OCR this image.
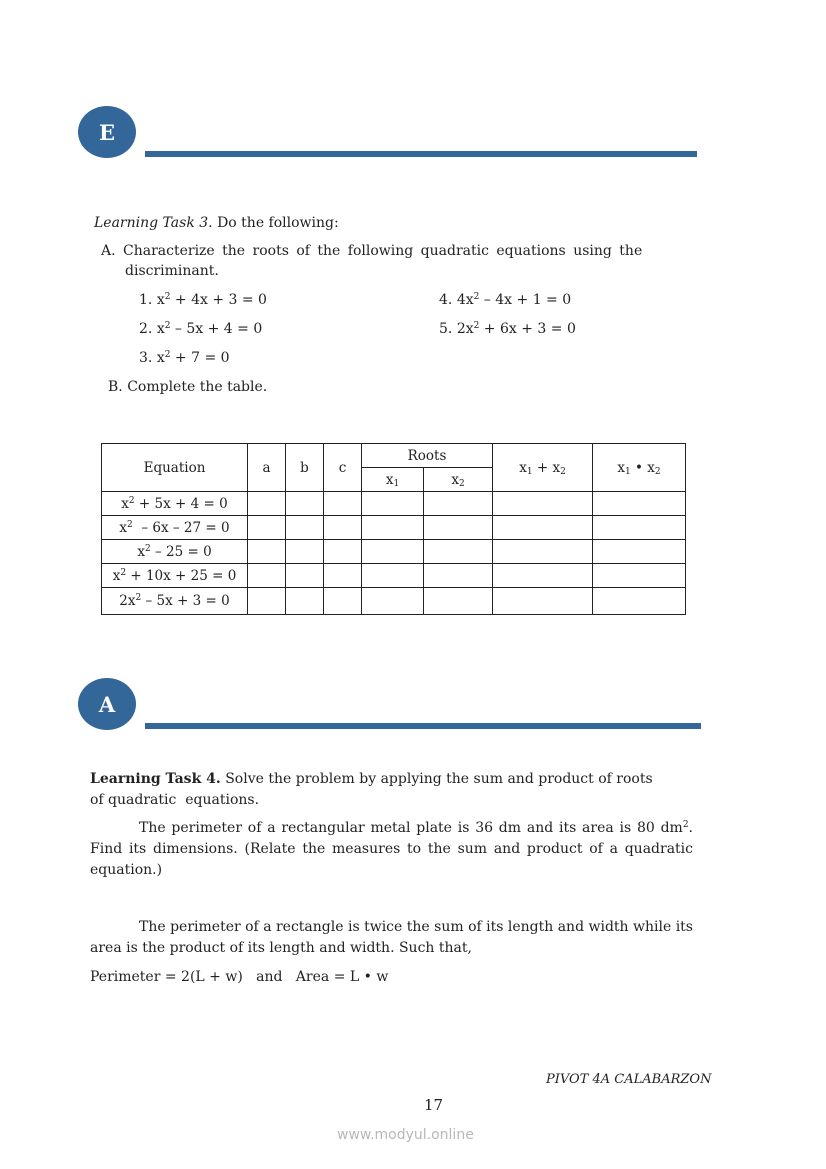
E
Learning Task 3. Do the following:
A. Characterize the roots of the following quadratic equations using the
discriminant.
1. $x^2 + 4x + 3 = 0$
2. $x^2 - 5x + 4 = 0$
3. $x^2 + 7 = 0$
4. $4x^2 - 4x + 1 = 0$
5. $2x^2 + 6x + 3 = 0$
B. Complete the table.
Equation	a	b	c	Roots		$x_1 + x_2$	$x_1$ • $x_2$
				$x_1$	$x_2$
$x^2 + 5x + 4 = 0$							
$x^2 - 6x - 27 = 0$							
$x^2 - 25 = 0$							
$x^2 + 10x + 25 = 0$							
$2x^2 - 5x + 3 = 0$							
A
Learning Task 4. Solve the problem by applying the sum and product of roots
of quadratic  equations.
The perimeter of a rectangular metal plate is 36 dm and its area is 80 $dm^2$. Find its dimensions. (Relate the measures to the sum and product of a quadratic equation.)
The perimeter of a rectangle is twice the sum of its length and width while its area is the product of its length and width. Such that,
Perimeter = 2(L + w)   and   Area = L • w
PIVOT 4A CALABARZON
17
www.modyul.online
